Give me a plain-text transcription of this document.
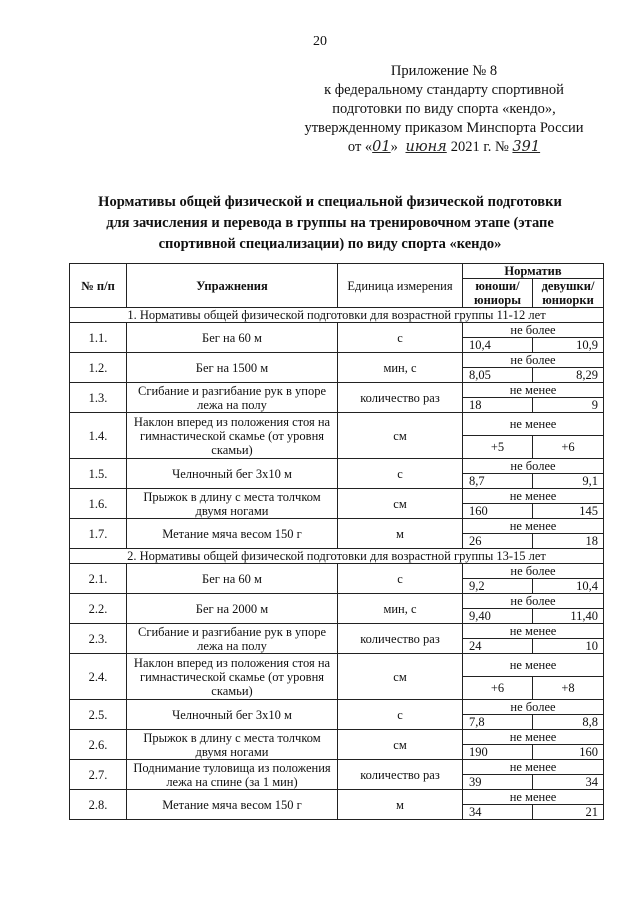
20
Приложение № 8
к федеральному стандарту спортивной
подготовки по виду спорта «кендо»,
утвержденному приказом Минспорта России
от «01» июня 2021 г. № 391
Нормативы общей физической и специальной физической подготовки
для зачисления и перевода в группы на тренировочном этапе (этапе
спортивной специализации) по виду спорта «кендо»
№ п/п	Упражнения	Единица измерения	Норматив	
			юноши/ юниоры	девушки/ юниорки
1. Нормативы общей физической подготовки для возрастной группы 11-12 лет				
1.1.	Бег на 60 м	с	не более	
			10,4	10,9
1.2.	Бег на 1500 м	мин, с	не более	
			8,05	8,29
1.3.	Сгибание и разгибание рук в упоре лежа на полу	количество раз	не менее	
			18	9
1.4.	Наклон вперед из положения стоя на гимнастической скамье (от уровня скамьи)	см	не менее	
			+5	+6
1.5.	Челночный бег 3x10 м	с	не более	
			8,7	9,1
1.6.	Прыжок в длину с места толчком двумя ногами	см	не менее	
			160	145
1.7.	Метание мяча весом 150 г	м	не менее	
			26	18
2. Нормативы общей физической подготовки для возрастной группы 13-15 лет				
2.1.	Бег на 60 м	с	не более	
			9,2	10,4
2.2.	Бег на 2000 м	мин, с	не более	
			9,40	11,40
2.3.	Сгибание и разгибание рук в упоре лежа на полу	количество раз	не менее	
			24	10
2.4.	Наклон вперед из положения стоя на гимнастической скамье (от уровня скамьи)	см	не менее	
			+6	+8
2.5.	Челночный бег 3x10 м	с	не более	
			7,8	8,8
2.6.	Прыжок в длину с места толчком двумя ногами	см	не менее	
			190	160
2.7.	Поднимание туловища из положения лежа на спине (за 1 мин)	количество раз	не менее	
			39	34
2.8.	Метание мяча весом 150 г	м	не менее	
			34	21
